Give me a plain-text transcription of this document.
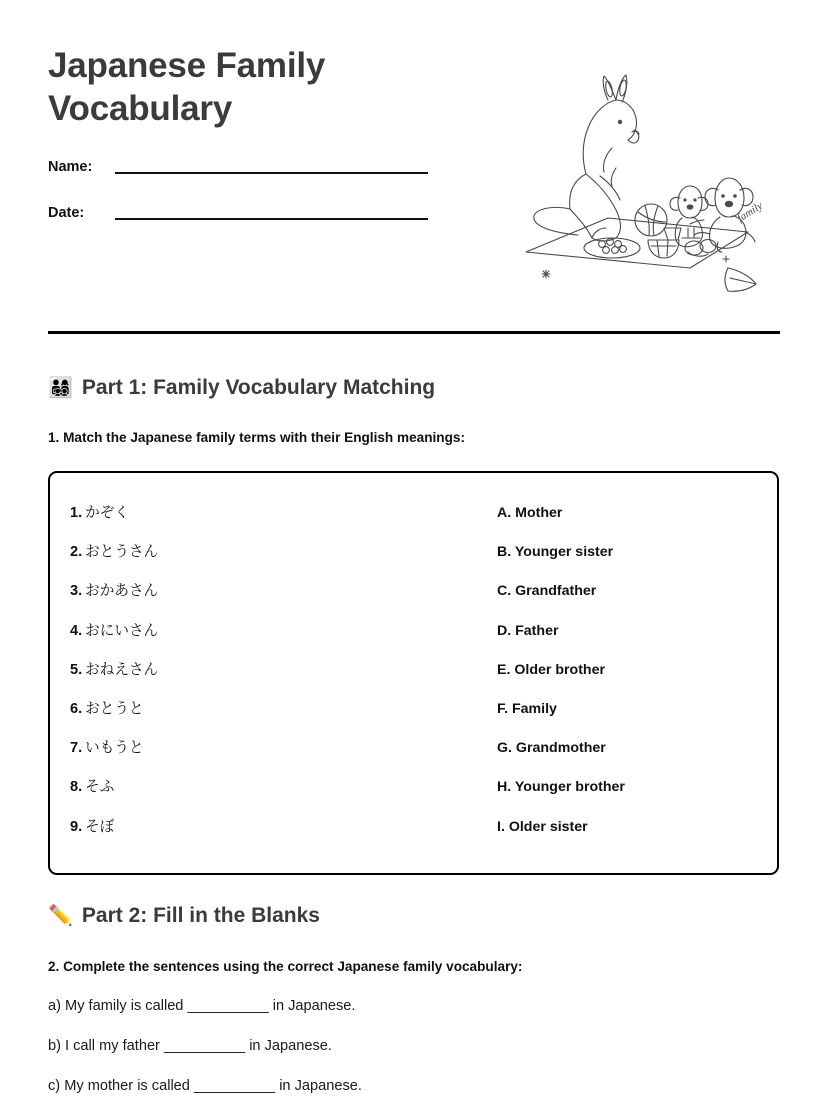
Japanese Family Vocabulary
Name:
Date:	family
👨‍👩‍👧‍👦 Part 1: Family Vocabulary Matching
1. Match the Japanese family terms with their English meanings:
1. かぞく	A. Mother
2. おとうさん	B. Younger sister
3. おかあさん	C. Grandfather
4. おにいさん	D. Father
5. おねえさん	E. Older brother
6. おとうと	F. Family
7. いもうと	G. Grandmother
8. そふ	H. Younger brother
9. そぼ	I. Older sister
✏️ Part 2: Fill in the Blanks
2. Complete the sentences using the correct Japanese family vocabulary:
a) My family is called __________ in Japanese.
b) I call my father __________ in Japanese.
c) My mother is called __________ in Japanese.
